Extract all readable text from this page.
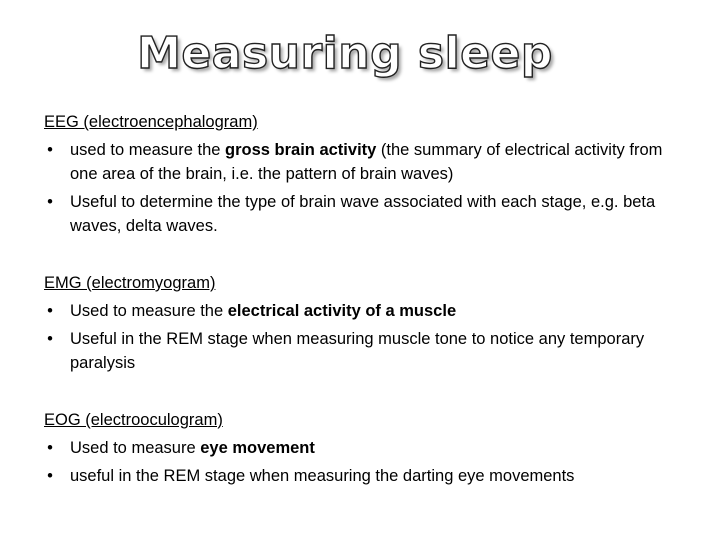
Measuring sleep
EEG (electroencephalogram)
• used to measure the gross brain activity (the summary of electrical activity from one area of the brain, i.e. the pattern of brain waves)
• Useful to determine the type of brain wave associated with each stage, e.g. beta waves, delta waves.
EMG (electromyogram)
• Used to measure the electrical activity of a muscle
• Useful in the REM stage when measuring muscle tone to notice any temporary paralysis
EOG (electrooculogram)
• Used to measure eye movement
• useful in the REM stage when measuring the darting eye movements
